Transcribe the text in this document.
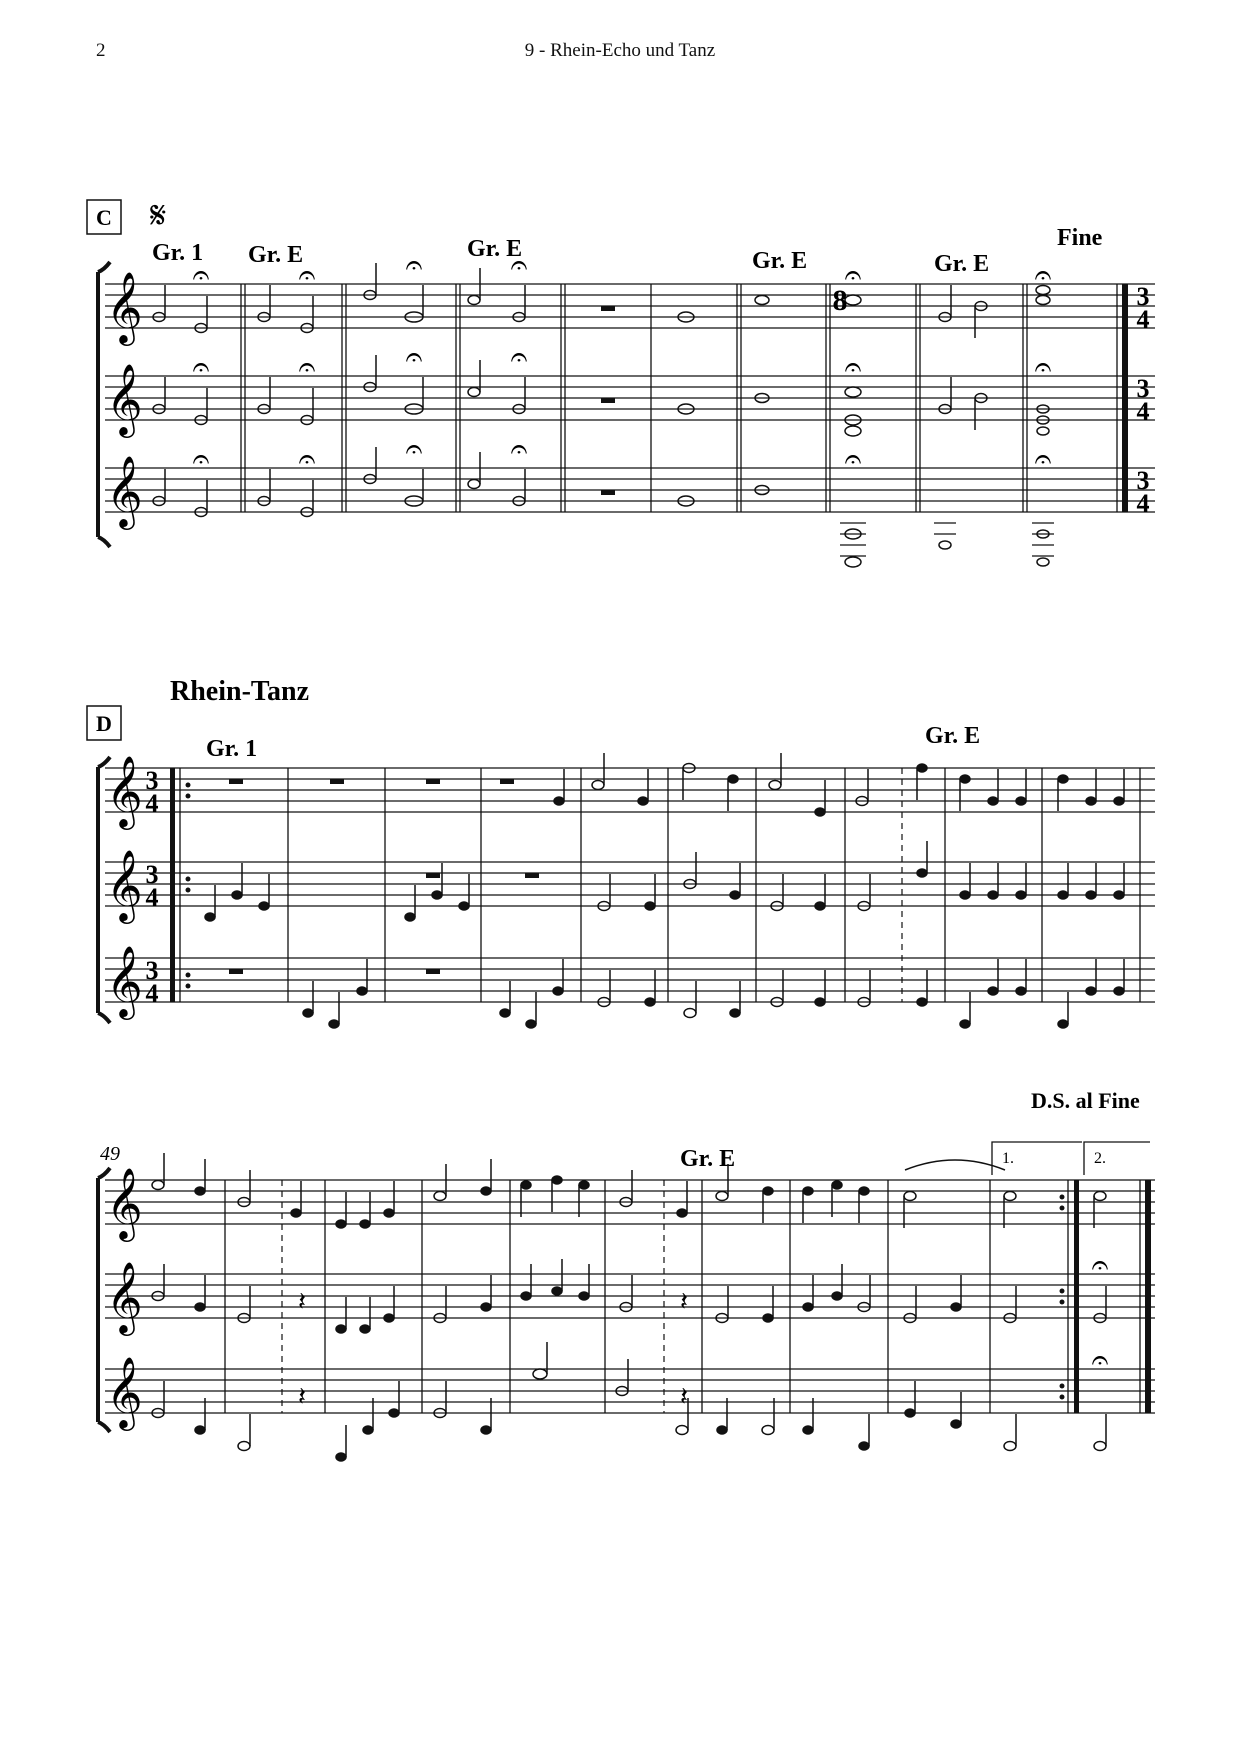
2	9 - Rhein-Echo und Tanz
C 𝄋
Gr. 1 Gr. E	Gr. E	Gr. E	Gr. E
Fine
𝄞
𝄞
𝄞
3
4
3
4
3
4
8
𝄐	𝄐	𝄐	𝄐	𝄐	𝄐
𝄐	𝄐	𝄐	𝄐	𝄐	𝄐
𝄐	𝄐	𝄐	𝄐	𝄐	𝄐
Rhein-Tanz
D
Gr. 1	Gr. E
𝄞
𝄞
𝄞
3
4
3
4
3
4
D.S. al Fine
49	Gr. E	1.	2.
𝄞
𝄞
𝄞
𝄽
𝄽
𝄽
𝄽
𝄐
𝄐
